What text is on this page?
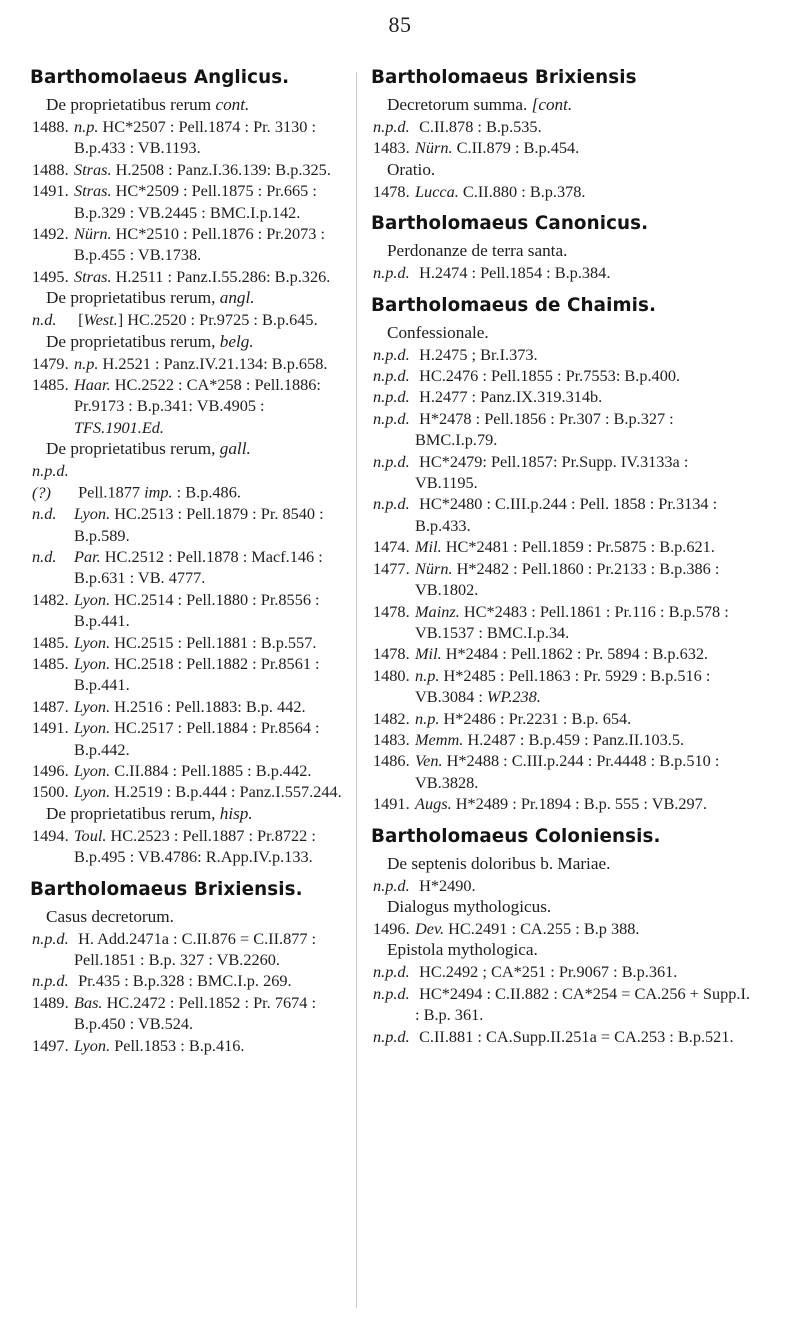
85
Barthomolaeus Anglicus.
De proprietatibus rerum cont.
1488. n.p. HC*2507 : Pell.1874 : Pr. 3130 : B.p.433 : VB.1193.
1488. Stras. H.2508 : Panz.I.36.139: B.p.325.
1491. Stras. HC*2509 : Pell.1875 : Pr.665 : B.p.329 : VB.2445 : BMC.I.p.142.
1492. Nürn. HC*2510 : Pell.1876 : Pr.2073 : B.p.455 : VB.1738.
1495. Stras. H.2511 : Panz.I.55.286: B.p.326.
De proprietatibus rerum, angl.
n.d. [West.] HC.2520 : Pr.9725 : B.p.645.
De proprietatibus rerum, belg.
1479. n.p. H.2521 : Panz.IV.21.134: B.p.658.
1485. Haar. HC.2522 : CA*258 : Pell.1886: Pr.9173 : B.p.341: VB.4905 : TFS.1901.Ed.
De proprietatibus rerum, gall.
n.p.d.(?) Pell.1877 imp. : B.p.486.
n.d. Lyon. HC.2513 : Pell.1879 : Pr. 8540 : B.p.589.
n.d. Par. HC.2512 : Pell.1878 : Macf.146 : B.p.631 : VB. 4777.
1482. Lyon. HC.2514 : Pell.1880 : Pr.8556 : B.p.441.
1485. Lyon. HC.2515 : Pell.1881 : B.p.557.
1485. Lyon. HC.2518 : Pell.1882 : Pr.8561 : B.p.441.
1487. Lyon. H.2516 : Pell.1883: B.p. 442.
1491. Lyon. HC.2517 : Pell.1884 : Pr.8564 : B.p.442.
1496. Lyon. C.II.884 : Pell.1885 : B.p.442.
1500. Lyon. H.2519 : B.p.444 : Panz.I.557.244.
De proprietatibus rerum, hisp.
1494. Toul. HC.2523 : Pell.1887 : Pr.8722 : B.p.495 : VB.4786: R.App.IV.p.133.
Bartholomaeus Brixiensis.
Casus decretorum.
n.p.d. H. Add.2471a : C.II.876 = C.II.877 : Pell.1851 : B.p. 327 : VB.2260.
n.p.d. Pr.435 : B.p.328 : BMC.I.p. 269.
1489. Bas. HC.2472 : Pell.1852 : Pr. 7674 : B.p.450 : VB.524.
1497. Lyon. Pell.1853 : B.p.416.
Bartholomaeus Brixiensis
Decretorum summa. [cont.
n.p.d. C.II.878 : B.p.535.
1483. Nürn. C.II.879 : B.p.454.
Oratio.
1478. Lucca. C.II.880 : B.p.378.
Bartholomaeus Canonicus.
Perdonanze de terra santa.
n.p.d. H.2474 : Pell.1854 : B.p.384.
Bartholomaeus de Chaimis.
Confessionale.
n.p.d. H.2475 ; Br.I.373.
n.p.d. HC.2476 : Pell.1855 : Pr.7553: B.p.400.
n.p.d. H.2477 : Panz.IX.319.314b.
n.p.d. H*2478 : Pell.1856 : Pr.307 : B.p.327 : BMC.I.p.79.
n.p.d. HC*2479: Pell.1857: Pr.Supp. IV.3133a : VB.1195.
n.p.d. HC*2480 : C.III.p.244 : Pell. 1858 : Pr.3134 : B.p.433.
1474. Mil. HC*2481 : Pell.1859 : Pr.5875 : B.p.621.
1477. Nürn. H*2482 : Pell.1860 : Pr.2133 : B.p.386 : VB.1802.
1478. Mainz. HC*2483 : Pell.1861 : Pr.116 : B.p.578 : VB.1537 : BMC.I.p.34.
1478. Mil. H*2484 : Pell.1862 : Pr. 5894 : B.p.632.
1480. n.p. H*2485 : Pell.1863 : Pr. 5929 : B.p.516 : VB.3084 : WP.238.
1482. n.p. H*2486 : Pr.2231 : B.p. 654.
1483. Memm. H.2487 : B.p.459 : Panz.II.103.5.
1486. Ven. H*2488 : C.III.p.244 : Pr.4448 : B.p.510 : VB.3828.
1491. Augs. H*2489 : Pr.1894 : B.p. 555 : VB.297.
Bartholomaeus Coloniensis.
De septenis doloribus b. Mariae.
n.p.d. H*2490.
Dialogus mythologicus.
1496. Dev. HC.2491 : CA.255 : B.p 388.
Epistola mythologica.
n.p.d. HC.2492 ; CA*251 : Pr.9067 : B.p.361.
n.p.d. HC*2494 : C.II.882 : CA*254 = CA.256 + Supp.I. : B.p. 361.
n.p.d. C.II.881 : CA.Supp.II.251a = CA.253 : B.p.521.
